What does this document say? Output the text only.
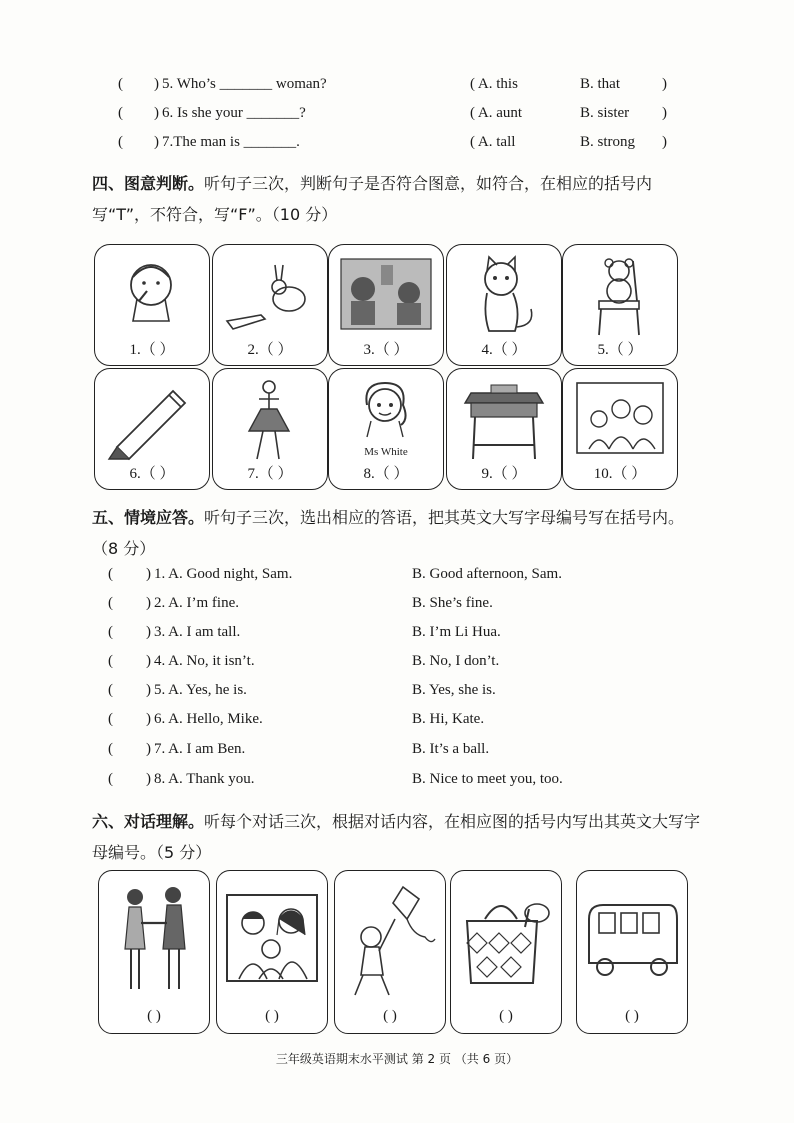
( ) 5. Who’s _______ woman?	( A. this	B. that	)
( ) 6. Is she your _______?	( A. aunt	B. sister )
( ) 7.The man is _______.	( A. tall	B. strong )
四、图意判断。听句子三次，判断句子是否符合图意，如符合，在相应的括号内写“T”，不符合，写“F”。（10 分）
1.（ ）	2.（ ）	3.（ ）	4.（ ）	5.（ ）
6.（ ）	7.（ ）
Ms White
8.（ ）	9.（ ）	10.（ ）
五、情境应答。听句子三次，选出相应的答语，把其英文大写字母编号写在括号内。（8 分）
( ) 1. A. Good night, Sam.	B. Good afternoon, Sam.
( ) 2. A. I’m fine.	B. She’s fine.
( ) 3. A. I am tall.	B. I’m Li Hua.
( ) 4. A. No, it isn’t.	B. No, I don’t.
( ) 5. A. Yes, he is.	B. Yes, she is.
( ) 6. A. Hello, Mike.	B. Hi, Kate.
( ) 7. A. I am Ben.	B. It’s a ball.
( ) 8. A. Thank you.	B. Nice to meet you, too.
六、对话理解。听每个对话三次，根据对话内容，在相应图的括号内写出其英文大写字母编号。（5 分）
( )	( )	( )	( )	( )
三年级英语期末水平测试 第 2 页 （共 6 页）
